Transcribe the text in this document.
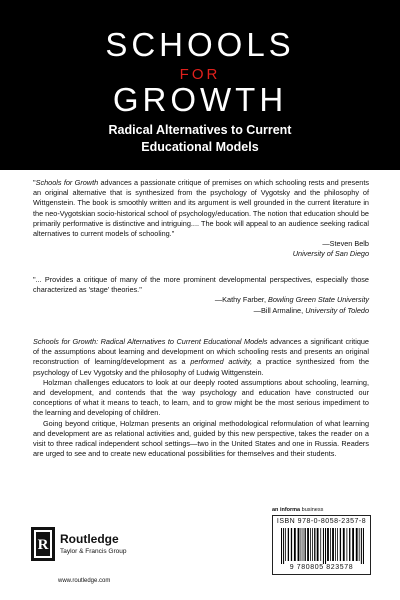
SCHOOLS
FOR
GROWTH
Radical Alternatives to Current
Educational Models

"Schools for Growth advances a passionate critique of premises on which schooling rests and presents an original alternative that is synthesized from the psychology of Vygotsky and the philosophy of Wittgenstein. The book is smoothly written and its argument is well grounded in the current literature in the neo-Vygotskian socio-historical school of psychology/education. The notion that education should be primarily performative is distinctive and intriguing.... The book will appeal to an audience seeking radical alternatives to current models of schooling."

—Steven Belb

University of San Diego

"... Provides a critique of many of the more prominent developmental perspectives, especially those characterized as 'stage' theories."

—Kathy Farber, Bowling Green State University

—Bill Armaline, University of Toledo

Schools for Growth: Radical Alternatives to Current Educational Models advances a significant critique of the assumptions about learning and development on which schooling rests and presents an original reconstruction of learning/development as a performed activity, a practice synthesized from the psychology of Lev Vygotsky and the philosophy of Ludwig Wittgenstein.

Holzman challenges educators to look at our deeply rooted assumptions about schooling, learning, and development, and contends that the way psychology and education have constructed our conceptions of what it means to teach, to learn, and to grow might be the most serious impediment to the learning and developing of children.

Going beyond critique, Holzman presents an original methodological reformulation of what learning and development are as relational activities and, guided by this new perspective, takes the reader on a visit to three radical independent school settings—two in the United States and one in Russia. Readers are urged to see and to create new educational possibilities for themselves and their students.

R Routledge
Taylor & Francis Group
www.routledge.com
an informa business
ISBN 978-0-8058-2357-8
9 780805 823578
